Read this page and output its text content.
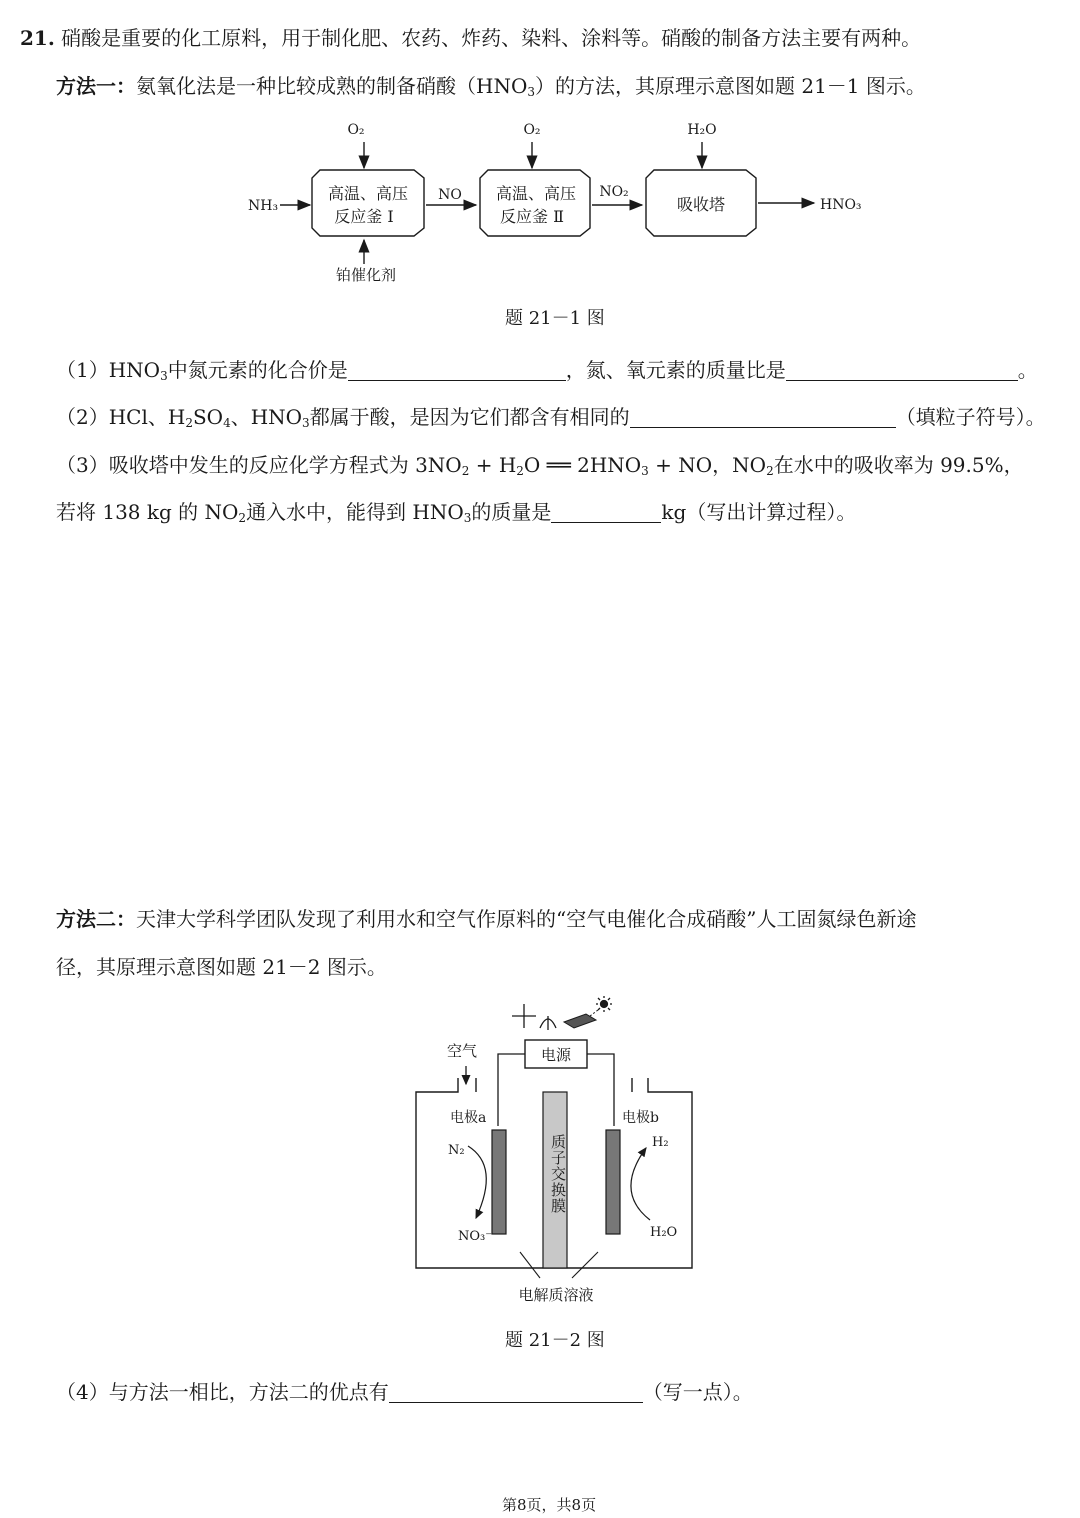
21. 硝酸是重要的化工原料，用于制化肥、农药、炸药、染料、涂料等。硝酸的制备方法主要有两种。
方法一：氨氧化法是一种比较成熟的制备硝酸$(HNO_3)$的方法，其原理示意图如题 21－1 图示。
O₂	O₂	H₂O
NH₃
高温、高压
反应釜 Ⅰ
NO 高温、高压
反应釜 Ⅱ
NO₂
吸收塔	HNO₃
铂催化剂
题 21－1 图
$(1)HNO_3$中氮元素的化合价是	，氮、氧元素的质量比是	。
（2）HCl、$H_2SO_4$、$HNO_3$都属于酸，是因为它们都含有相同的	（填粒子符号）。
（3）吸收塔中发生的反应化学方程式为 $3NO_2 + H_2O$ ══ $2HNO_3$ + NO，$NO_2$在水中的吸收率为 99.5%，
若将 138 kg 的 $NO_2$通入水中，能得到 $HNO_3$的质量是	kg（写出计算过程）。
方法二：天津大学科学团队发现了利用水和空气作原料的“空气电催化合成硝酸”人工固氮绿色新途
径，其原理示意图如题 21－2 图示。
电源
空气
电极a	电极b
N₂
NO₃⁻
H₂
H₂O
电解质溶液
质子交换膜
题 21－2 图
（4）与方法一相比，方法二的优点有	（写一点）。
第8页，共8页
